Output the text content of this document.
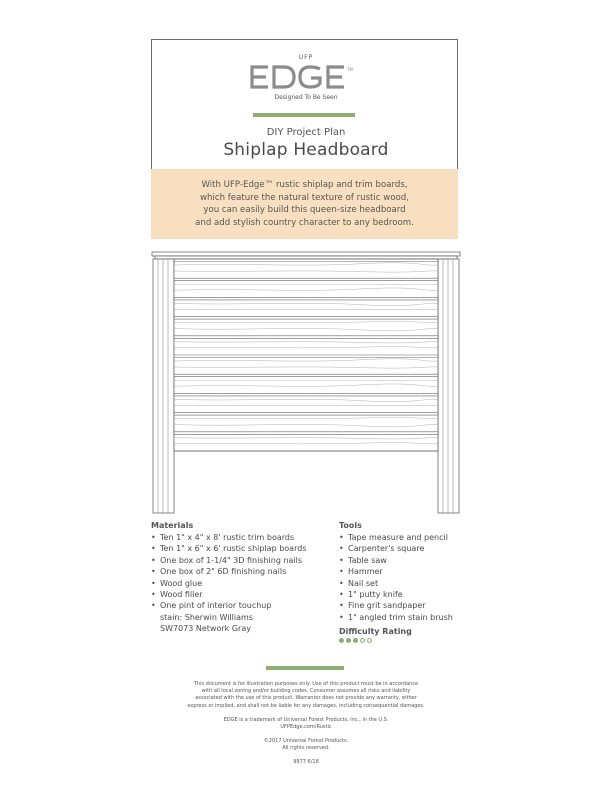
UFP
TM
Designed To Be Seen
DIY Project Plan
Shiplap Headboard
With UFP-Edge™ rustic shiplap and trim boards,
which feature the natural texture of rustic wood,
you can easily build this queen-size headboard
and add stylish country character to any bedroom.
Materials
• Ten 1" x 4" x 8' rustic trim boards
• Ten 1" x 6" x 6' rustic shiplap boards
• One box of 1-1/4" 3D finishing nails
• One box of 2" 6D finishing nails
• Wood glue
• Wood filler
• One pint of interior touchup
stain: Sherwin Williams
SW7073 Network Gray
Tools
• Tape measure and pencil
• Carpenter's square
• Table saw
• Hammer
• Nail set
• 1" putty knife
• Fine grit sandpaper
• 1" angled trim stain brush
Difficulty Rating
This document is for illustration purposes only. Use of this product must be in accordance
with all local zoning and/or building codes. Consumer assumes all risks and liability
associated with the use of this product. Warrantor does not provide any warranty, either
express or implied, and shall not be liable for any damages, including consequential damages.
EDGE is a trademark of Universal Forest Products, Inc., in the U.S.
UFPEdge.com/Rustic
©2017 Universal Forest Products.
All rights reserved.
9977 6/18
